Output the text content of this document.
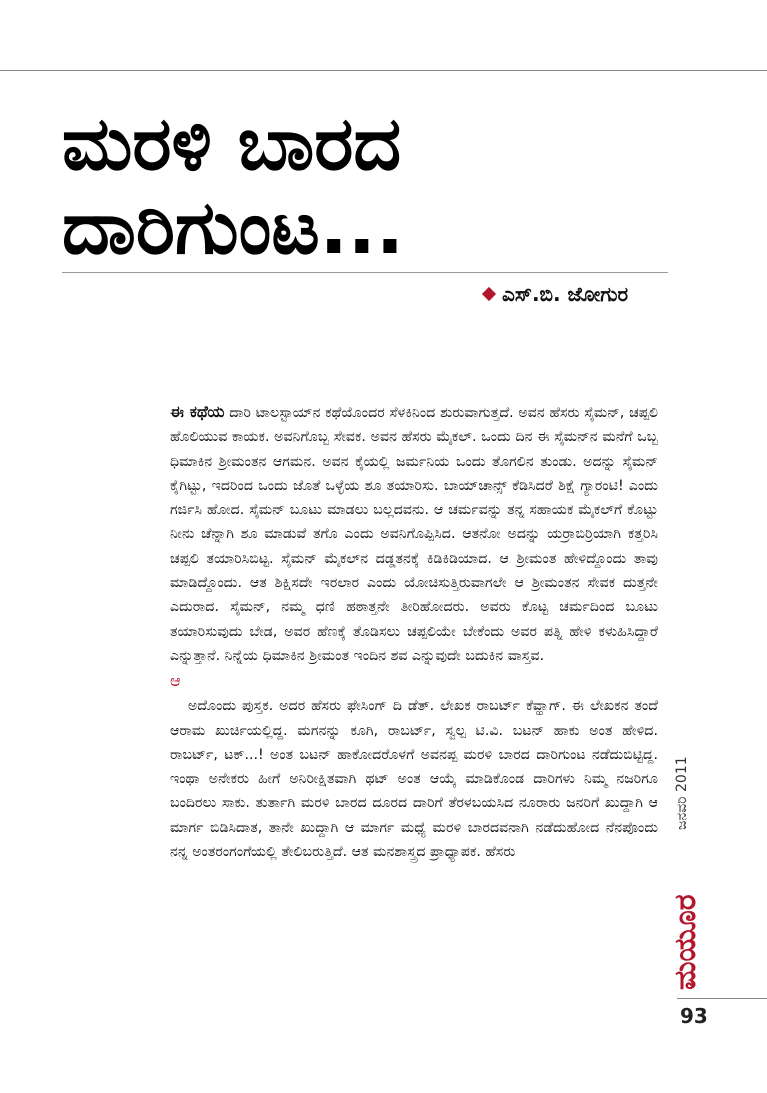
ಮರಳಿ ಬಾರದ ದಾರಿಗುಂಟ...
ಎಸ್.ಬಿ. ಜೋಗುರ

ಈ ಕಥೆಯ ದಾರಿ ಟಾಲಸ್ಟಾಯ್‌ನ ಕಥೆಯೊಂದರ ಸೆಳಕಿನಿಂದ ಶುರುವಾಗುತ್ತದೆ. ಅವನ ಹೆಸರು ಸೈಮನ್, ಚಪ್ಪಲಿ ಹೊಲಿಯುವ ಕಾಯಕ. ಅವನಿಗೊಬ್ಬ ಸೇವಕ. ಅವನ ಹೆಸರು ಮೈಕಲ್. ಒಂದು ದಿನ ಈ ಸೈಮನ್‌ನ ಮನೆಗೆ ಒಬ್ಬ ಧಿಮಾಕಿನ ಶ್ರೀಮಂತನ ಆಗಮನ. ಅವನ ಕೈಯಲ್ಲಿ ಜರ್ಮನಿಯ ಒಂದು ತೊಗಲಿನ ತುಂಡು. ಅದನ್ನು ಸೈಮನ್ ಕೈಗಿಟ್ಟು, ಇದರಿಂದ ಒಂದು ಜೊತೆ ಒಳ್ಳೆಯ ಶೂ ತಯಾರಿಸು. ಬಾಯ್‌ಚಾನ್ಸ್ ಕೆಡಿಸಿದರೆ ಶಿಕ್ಷೆ ಗ್ಯಾರಂಟಿ! ಎಂದು ಗರ್ಜಿಸಿ ಹೋದ. ಸೈಮನ್ ಬೂಟು ಮಾಡಲು ಬಲ್ಲದವನು. ಆ ಚರ್ಮವನ್ನು ತನ್ನ ಸಹಾಯಕ ಮೈಕಲ್‌ಗೆ ಕೊಟ್ಟು ನೀನು ಚೆನ್ನಾಗಿ ಶೂ ಮಾಡುವೆ ತಗೊ ಎಂದು ಅವನಿಗೊಪ್ಪಿಸಿದ. ಆತನೋ ಅದನ್ನು ಯರ್‍ರಾಬಿರ್ರಿಯಾಗಿ ಕತ್ತರಿಸಿ ಚಪ್ಪಲಿ ತಯಾರಿಸಿಬಿಟ್ಟ. ಸೈಮನ್ ಮೈಕಲ್‌ನ ದಡ್ಡತನಕ್ಕೆ ಕಿಡಿಕಿಡಿಯಾದ. ಆ ಶ್ರೀಮಂತ ಹೇಳಿದ್ದೊಂದು ತಾವು ಮಾಡಿದ್ದೊಂದು. ಆತ ಶಿಕ್ಷಿಸದೇ ಇರಲಾರ ಎಂದು ಯೋಚಿಸುತ್ತಿರುವಾಗಲೇ ಆ ಶ್ರೀಮಂತನ ಸೇವಕ ದುತ್ತನೇ ಎದುರಾದ. ಸೈಮನ್, ನಮ್ಮ ಧಣಿ ಹಠಾತ್ತನೇ ತೀರಿಹೋದರು. ಅವರು ಕೊಟ್ಟ ಚರ್ಮದಿಂದ ಬೂಟು ತಯಾರಿಸುವುದು ಬೇಡ, ಅವರ ಹೆಣಕ್ಕೆ ತೊಡಿಸಲು ಚಪ್ಪಲಿಯೇ ಬೇಕೆಂದು ಅವರ ಪತ್ನಿ ಹೇಳಿ ಕಳುಹಿಸಿದ್ದಾರೆ ಎನ್ನುತ್ತಾನೆ. ನಿನ್ನೆಯ ಧಿಮಾಕಿನ ಶ್ರೀಮಂತ ಇಂದಿನ ಶವ ಎನ್ನುವುದೇ ಬದುಕಿನ ವಾಸ್ತವ.

ಆ

ಅದೊಂದು ಪುಸ್ತಕ. ಅದರ ಹೆಸರು ಫೇಸಿಂಗ್ ದಿ ಡೆತ್. ಲೇಖಕ ರಾಬರ್ಟ್ ಕೆವ್ಹಾಗ್. ಈ ಲೇಖಕನ ತಂದೆ ಆರಾಮ ಖುರ್ಚಿಯಲ್ಲಿದ್ದ. ಮಗನನ್ನು ಕೂಗಿ, ರಾಬರ್ಟ್, ಸ್ವಲ್ಪ ಟಿ.ವಿ. ಬಟನ್ ಹಾಕು ಅಂತ ಹೇಳಿದ. ರಾಬರ್ಟ್, ಟಕ್...! ಅಂತ ಬಟನ್ ಹಾಕೋದರೊಳಗೆ ಅವನಪ್ಪ ಮರಳಿ ಬಾರದ ದಾರಿಗುಂಟ ನಡೆದುಬಿಟ್ಟಿದ್ದ. ಇಂಥಾ ಅನೇಕರು ಹೀಗೆ ಅನಿರೀಕ್ಷಿತವಾಗಿ ಥಟ್ ಅಂತ ಆಯ್ಕೆ ಮಾಡಿಕೊಂಡ ದಾರಿಗಳು ನಿಮ್ಮ ನಜರಿಗೂ ಬಂದಿರಲು ಸಾಕು. ತುರ್ತಾಗಿ ಮರಳಿ ಬಾರದ ದೂರದ ದಾರಿಗೆ ತೆರಳಬಯಸಿದ ನೂರಾರು ಜನರಿಗೆ ಖುದ್ದಾಗಿ ಆ ಮಾರ್ಗ ಬಿಡಿಸಿದಾತ, ತಾನೇ ಖುದ್ದಾಗಿ ಆ ಮಾರ್ಗ ಮಧ್ಯೆ ಮರಳಿ ಬಾರದವನಾಗಿ ನಡೆದುಹೋದ ನೆನಪೊಂದು ನನ್ನ ಅಂತರಂಗಂಗೆಯಲ್ಲಿ ತೇಲಿಬರುತ್ತಿದೆ. ಆತ ಮನಶಾಸ್ತ್ರದ ಪ್ರಾಧ್ಯಾಪಕ. ಹೆಸರು

ಜನವರಿ 2011
ಮಯೂರ
93
